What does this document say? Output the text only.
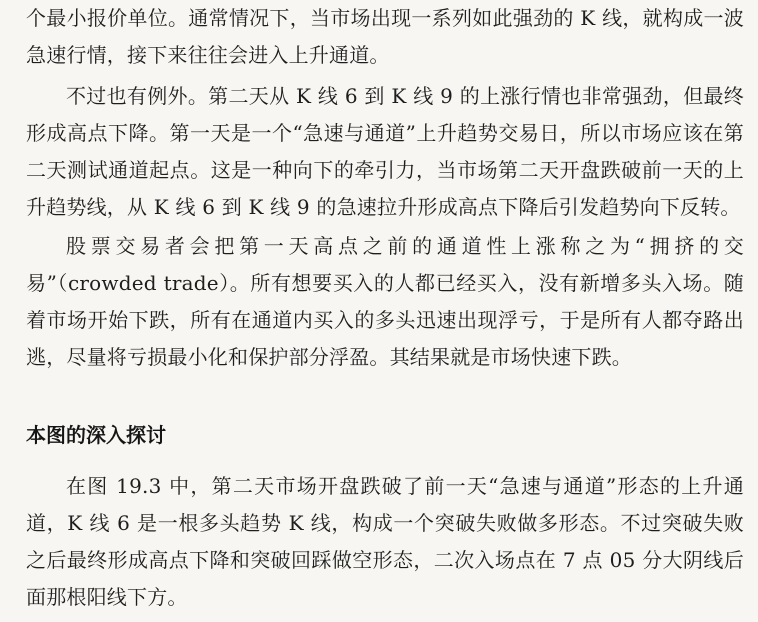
个最小报价单位。通常情况下，当市场出现一系列如此强劲的 K 线，就构成一波急速行情，接下来往往会进入上升通道。

不过也有例外。第二天从 K 线 6 到 K 线 9 的上涨行情也非常强劲，但最终形成高点下降。第一天是一个“急速与通道”上升趋势交易日，所以市场应该在第二天测试通道起点。这是一种向下的牵引力，当市场第二天开盘跌破前一天的上升趋势线，从 K 线 6 到 K 线 9 的急速拉升形成高点下降后引发趋势向下反转。

股票交易者会把第一天高点之前的通道性上涨称之为“拥挤的交易”（crowded trade）。所有想要买入的人都已经买入，没有新增多头入场。随着市场开始下跌，所有在通道内买入的多头迅速出现浮亏，于是所有人都夺路出逃，尽量将亏损最小化和保护部分浮盈。其结果就是市场快速下跌。

本图的深入探讨

在图 19.3 中，第二天市场开盘跌破了前一天“急速与通道”形态的上升通道，K 线 6 是一根多头趋势 K 线，构成一个突破失败做多形态。不过突破失败之后最终形成高点下降和突破回踩做空形态，二次入场点在 7 点 05 分大阴线后面那根阳线下方。
